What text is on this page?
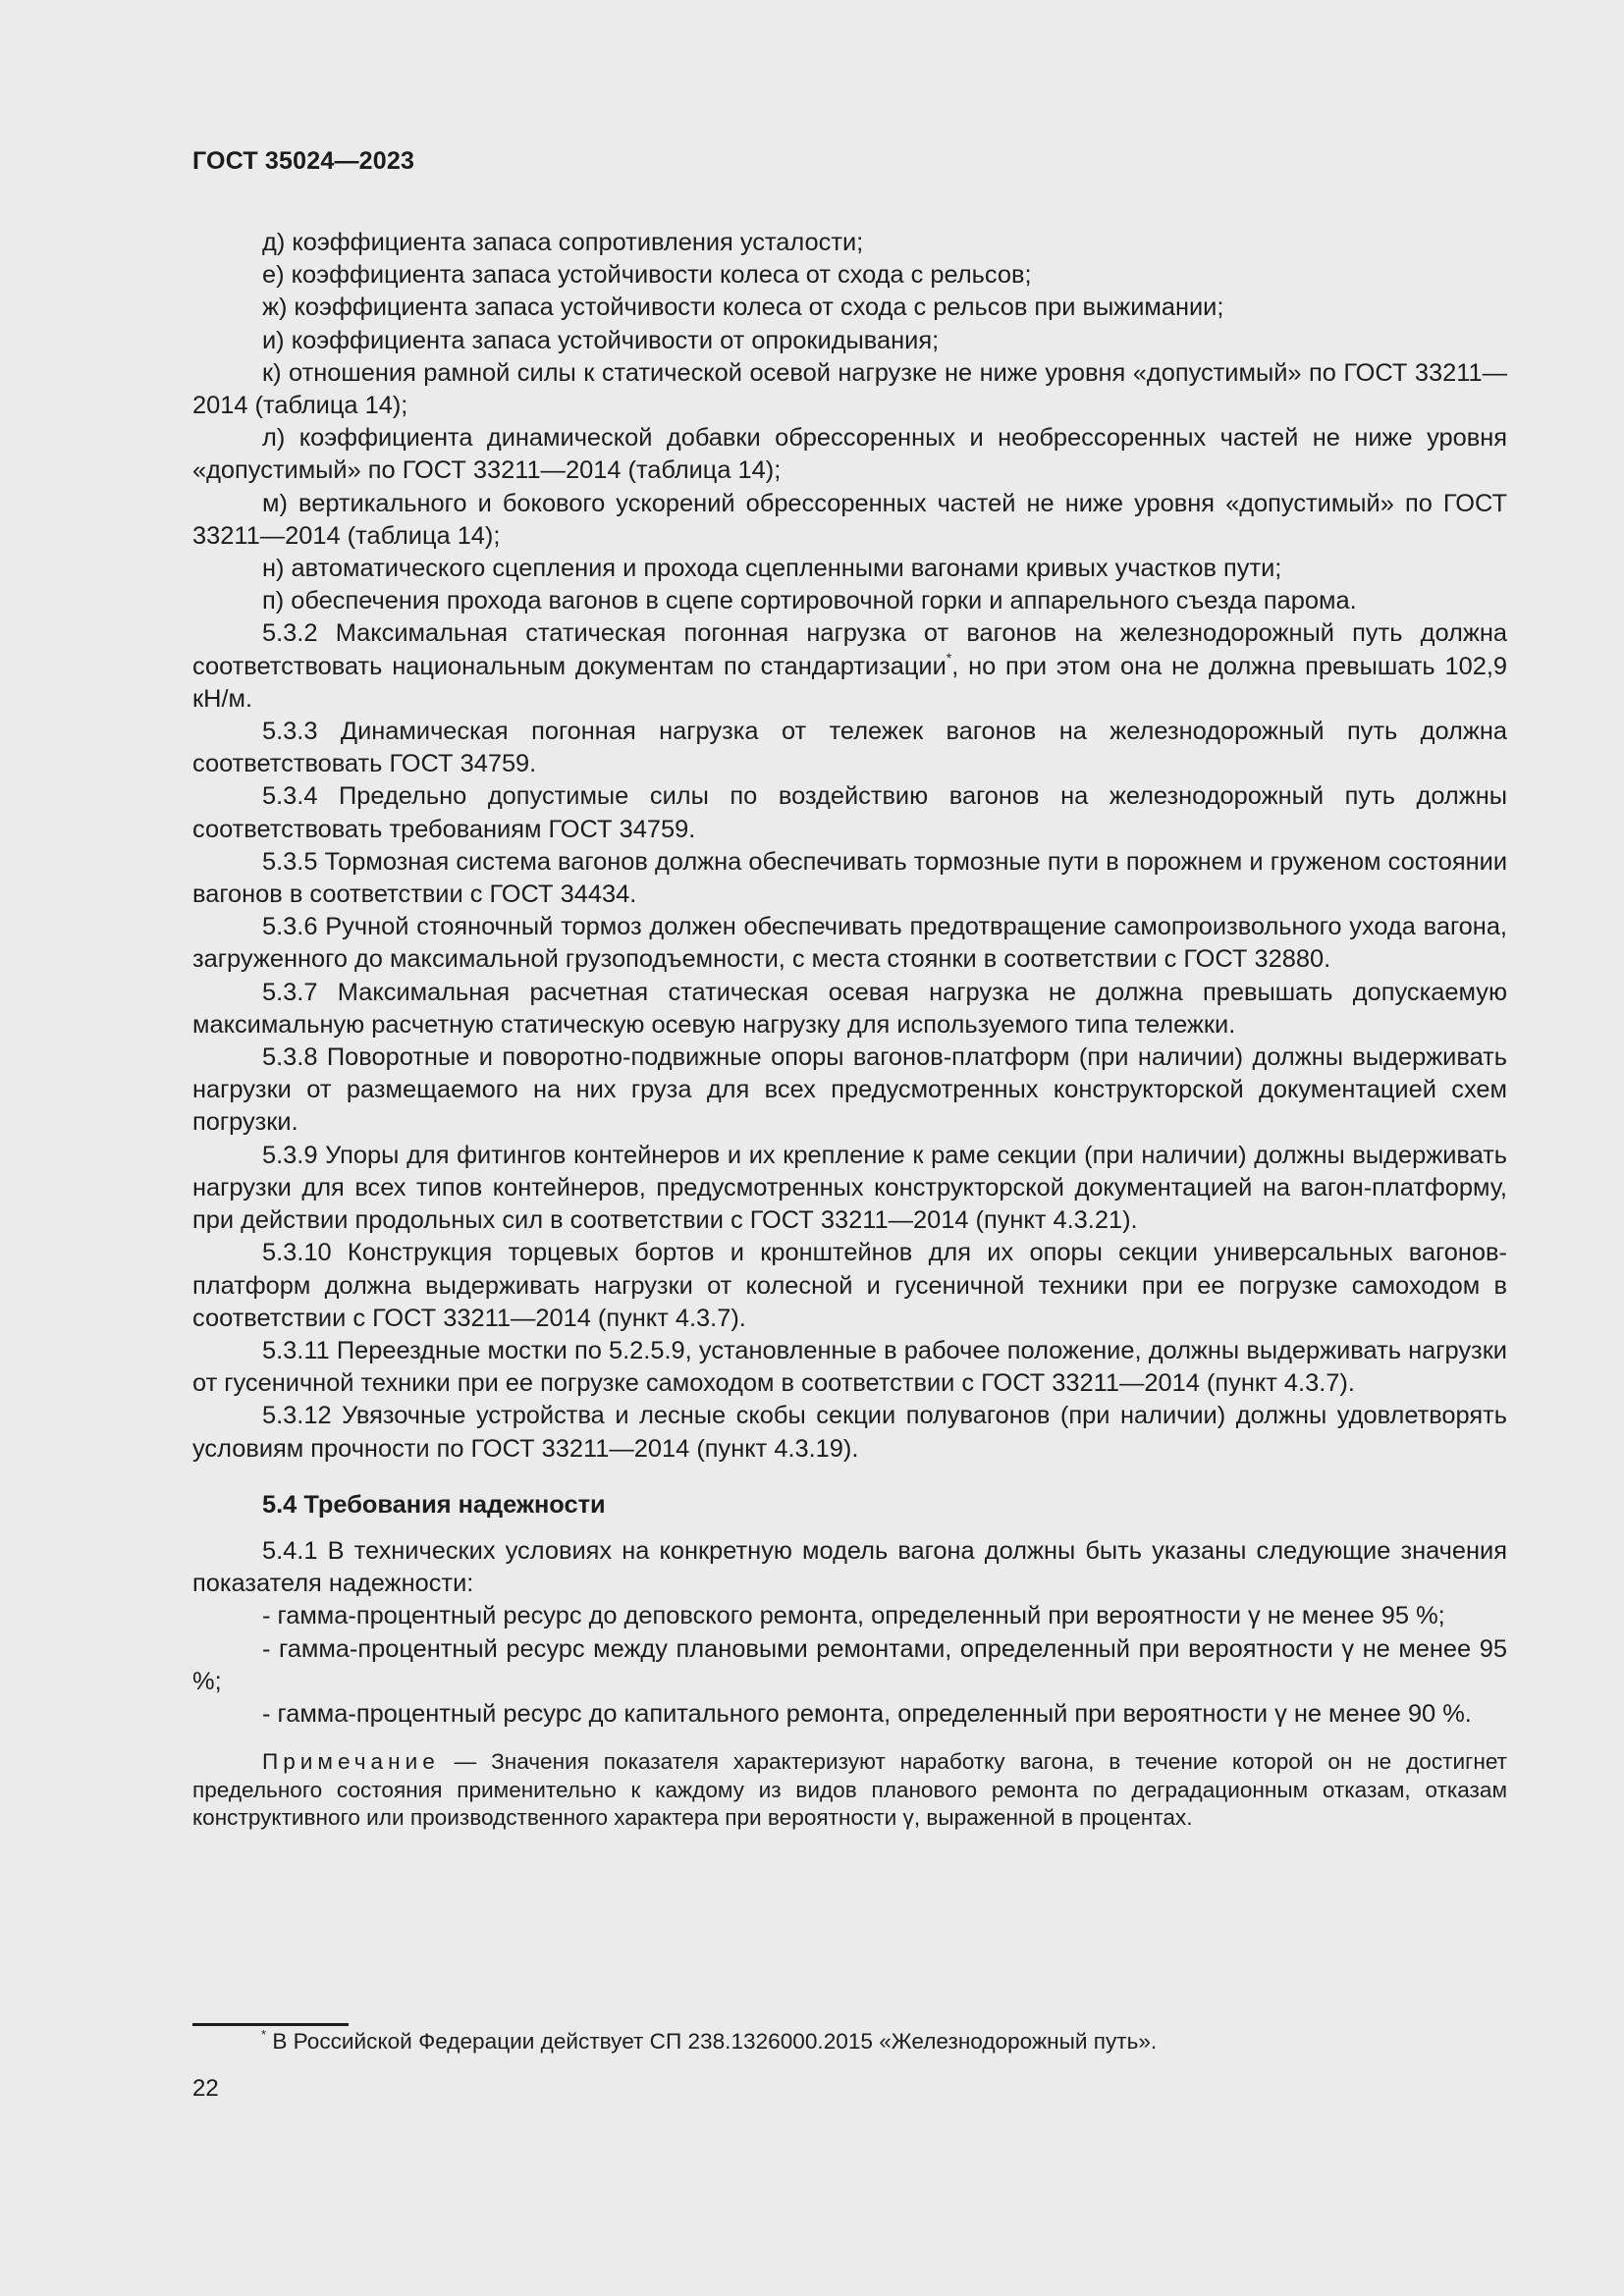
ГОСТ 35024—2023

д) коэффициента запаса сопротивления усталости;

е) коэффициента запаса устойчивости колеса от схода с рельсов;

ж) коэффициента запаса устойчивости колеса от схода с рельсов при выжимании;

и) коэффициента запаса устойчивости от опрокидывания;

к) отношения рамной силы к статической осевой нагрузке не ниже уровня «допустимый» по ГОСТ 33211—2014 (таблица 14);

л) коэффициента динамической добавки обрессоренных и необрессоренных частей не ниже уровня «допустимый» по ГОСТ 33211—2014 (таблица 14);

м) вертикального и бокового ускорений обрессоренных частей не ниже уровня «допустимый» по ГОСТ 33211—2014 (таблица 14);

н) автоматического сцепления и прохода сцепленными вагонами кривых участков пути;

п) обеспечения прохода вагонов в сцепе сортировочной горки и аппарельного съезда парома.

5.3.2 Максимальная статическая погонная нагрузка от вагонов на железнодорожный путь должна соответствовать национальным документам по стандартизации*, но при этом она не должна превышать 102,9 кН/м.

5.3.3 Динамическая погонная нагрузка от тележек вагонов на железнодорожный путь должна соответствовать ГОСТ 34759.

5.3.4 Предельно допустимые силы по воздействию вагонов на железнодорожный путь должны соответствовать требованиям ГОСТ 34759.

5.3.5 Тормозная система вагонов должна обеспечивать тормозные пути в порожнем и груженом состоянии вагонов в соответствии с ГОСТ 34434.

5.3.6 Ручной стояночный тормоз должен обеспечивать предотвращение самопроизвольного ухода вагона, загруженного до максимальной грузоподъемности, с места стоянки в соответствии с ГОСТ 32880.

5.3.7 Максимальная расчетная статическая осевая нагрузка не должна превышать допускаемую максимальную расчетную статическую осевую нагрузку для используемого типа тележки.

5.3.8 Поворотные и поворотно-подвижные опоры вагонов-платформ (при наличии) должны выдерживать нагрузки от размещаемого на них груза для всех предусмотренных конструкторской документацией схем погрузки.

5.3.9 Упоры для фитингов контейнеров и их крепление к раме секции (при наличии) должны выдерживать нагрузки для всех типов контейнеров, предусмотренных конструкторской документацией на вагон-платформу, при действии продольных сил в соответствии с ГОСТ 33211—2014 (пункт 4.3.21).

5.3.10 Конструкция торцевых бортов и кронштейнов для их опоры секции универсальных вагонов-платформ должна выдерживать нагрузки от колесной и гусеничной техники при ее погрузке самоходом в соответствии с ГОСТ 33211—2014 (пункт 4.3.7).

5.3.11 Переездные мостки по 5.2.5.9, установленные в рабочее положение, должны выдерживать нагрузки от гусеничной техники при ее погрузке самоходом в соответствии с ГОСТ 33211—2014 (пункт 4.3.7).

5.3.12 Увязочные устройства и лесные скобы секции полувагонов (при наличии) должны удовлетворять условиям прочности по ГОСТ 33211—2014 (пункт 4.3.19).

5.4 Требования надежности

5.4.1 В технических условиях на конкретную модель вагона должны быть указаны следующие значения показателя надежности:

- гамма-процентный ресурс до деповского ремонта, определенный при вероятности γ не менее 95 %;

- гамма-процентный ресурс между плановыми ремонтами, определенный при вероятности γ не менее 95 %;

- гамма-процентный ресурс до капитального ремонта, определенный при вероятности γ не менее 90 %.

Примечание — Значения показателя характеризуют наработку вагона, в течение которой он не достигнет предельного состояния применительно к каждому из видов планового ремонта по деградационным отказам, отказам конструктивного или производственного характера при вероятности γ, выраженной в процентах.

* В Российской Федерации действует СП 238.1326000.2015 «Железнодорожный путь».
22
